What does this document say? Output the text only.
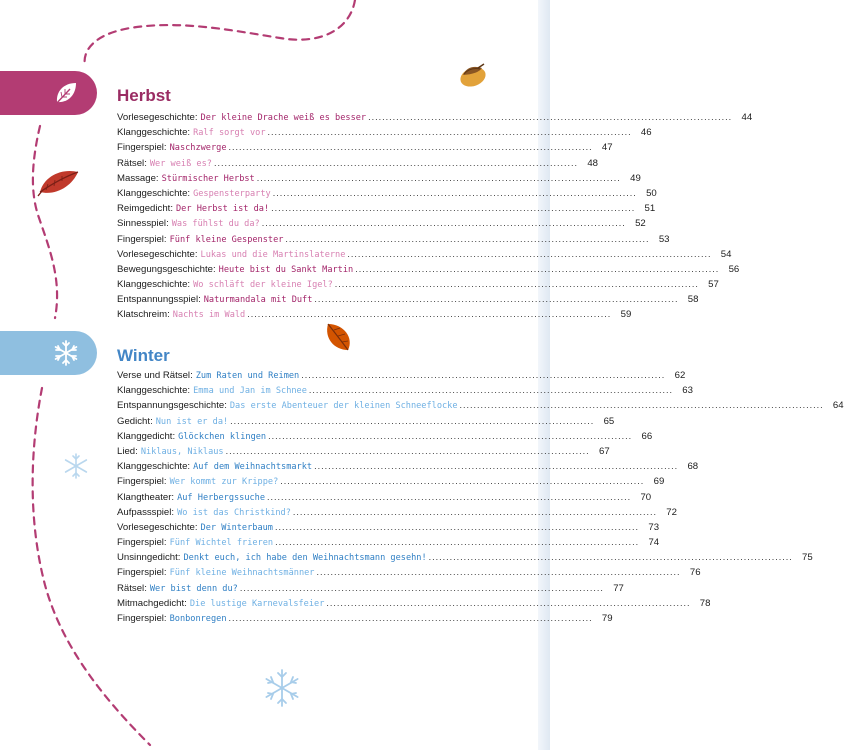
Herbst
Vorlesegeschichte: Der kleine Drache weiß es besser .....	44
Klanggeschichte: Ralf sorgt vor .....	46
Fingerspiel: Naschzwerge .....	47
Rätsel: Wer weiß es? .....	48
Massage: Stürmischer Herbst .....	49
Klanggeschichte: Gespensterparty .....	50
Reimgedicht: Der Herbst ist da! .....	51
Sinnesspiel: Was fühlst du da? .....	52
Fingerspiel: Fünf kleine Gespenster .....	53
Vorlesegeschichte: Lukas und die Martinslaterne .....	54
Bewegungsgeschichte: Heute bist du Sankt Martin .....	56
Klanggeschichte: Wo schläft der kleine Igel? .....	57
Entspannungsspiel: Naturmandala mit Duft .....	58
Klatschreim: Nachts im Wald .....	59
Winter
Verse und Rätsel: Zum Raten und Reimen .....	62
Klanggeschichte: Emma und Jan im Schnee .....	63
Entspannungsgeschichte: Das erste Abenteuer der kleinen Schneeflocke .....	64
Gedicht: Nun ist er da! .....	65
Klanggedicht: Glöckchen klingen .....	66
Lied: Niklaus, Niklaus .....	67
Klanggeschichte: Auf dem Weihnachtsmarkt .....	68
Fingerspiel: Wer kommt zur Krippe? .....	69
Klangtheater: Auf Herbergssuche .....	70
Aufpassspiel: Wo ist das Christkind? .....	72
Vorlesegeschichte: Der Winterbaum .....	73
Fingerspiel: Fünf Wichtel frieren .....	74
Unsinngedicht: Denkt euch, ich habe den Weihnachtsmann gesehn! .....	75
Fingerspiel: Fünf kleine Weihnachtsmänner .....	76
Rätsel: Wer bist denn du? .....	77
Mitmachgedicht: Die lustige Karnevalsfeier .....	78
Fingerspiel: Bonbonregen .....	79
